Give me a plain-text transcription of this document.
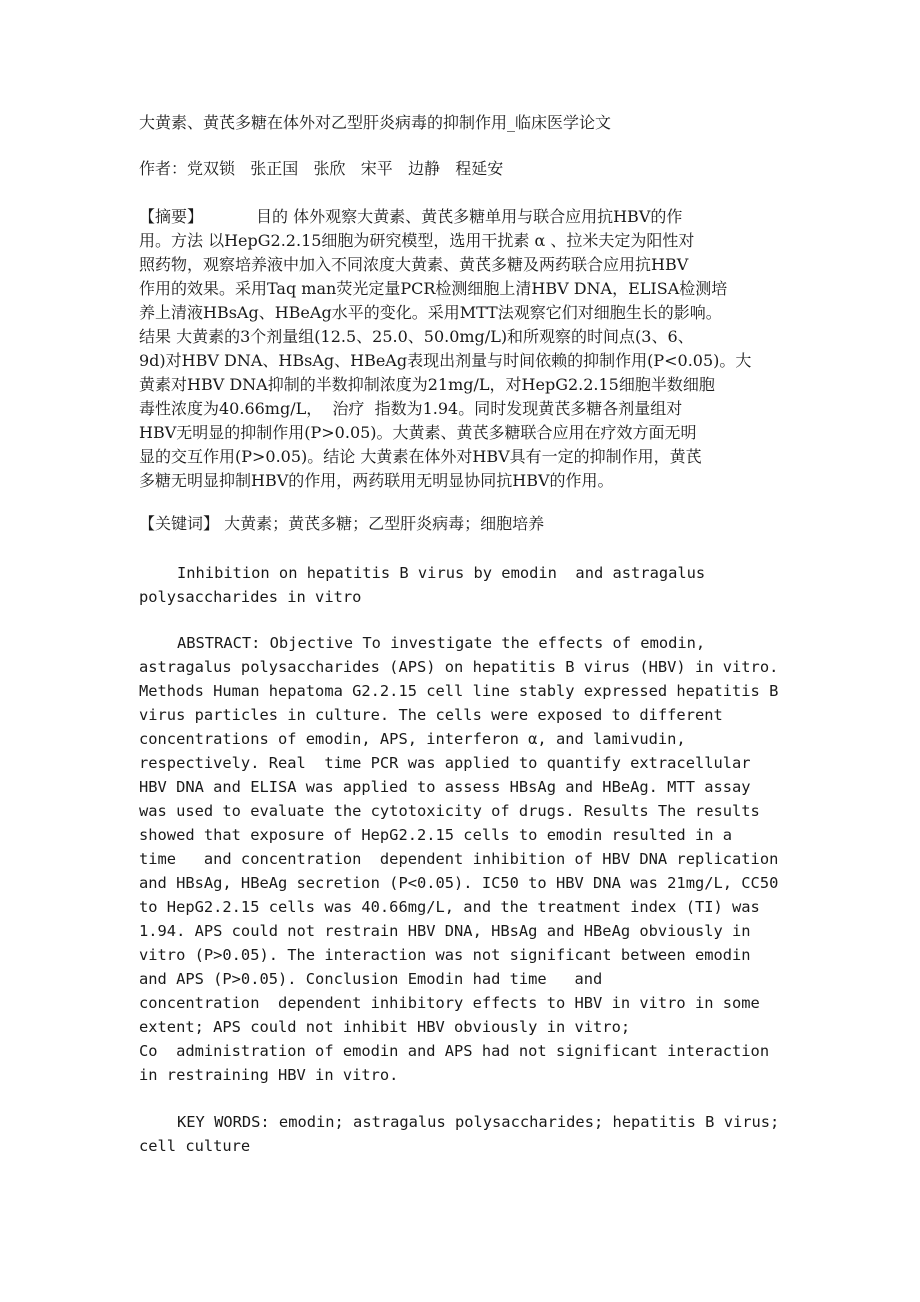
大黄素、黄芪多糖在体外对乙型肝炎病毒的抑制作用_临床医学论文

作者：党双锁   张正国   张欣   宋平   边静   程延安

【摘要】	目的 体外观察大黄素、黄芪多糖单用与联合应用抗HBV的作

用。方法 以HepG2.2.15细胞为研究模型，选用干扰素 α 、拉米夫定为阳性对

照药物，观察培养液中加入不同浓度大黄素、黄芪多糖及两药联合应用抗HBV

作用的效果。采用Taq man荧光定量PCR检测细胞上清HBV DNA，ELISA检测培

养上清液HBsAg、HBeAg水平的变化。采用MTT法观察它们对细胞生长的影响。

结果 大黄素的3个剂量组(12.5、25.0、50.0mg/L)和所观察的时间点(3、6、

9d)对HBV DNA、HBsAg、HBeAg表现出剂量与时间依赖的抑制作用(P<0.05)。大

黄素对HBV DNA抑制的半数抑制浓度为21mg/L，对HepG2.2.15细胞半数细胞

毒性浓度为40.66mg/L，  治疗  指数为1.94。同时发现黄芪多糖各剂量组对

HBV无明显的抑制作用(P>0.05)。大黄素、黄芪多糖联合应用在疗效方面无明

显的交互作用(P>0.05)。结论 大黄素在体外对HBV具有一定的抑制作用，黄芪

多糖无明显抑制HBV的作用，两药联用无明显协同抗HBV的作用。

【关键词】 大黄素；黄芪多糖；乙型肝炎病毒；细胞培养

Inhibition on hepatitis B virus by emodin  and astragalus

polysaccharides in vitro

ABSTRACT: Objective To investigate the effects of emodin,

astragalus polysaccharides (APS) on hepatitis B virus (HBV) in vitro.

Methods Human hepatoma G2.2.15 cell line stably expressed hepatitis B

virus particles in culture. The cells were exposed to different

concentrations of emodin, APS, interferon α, and lamivudin,

respectively. Real  time PCR was applied to quantify extracellular

HBV DNA and ELISA was applied to assess HBsAg and HBeAg. MTT assay

was used to evaluate the cytotoxicity of drugs. Results The results

showed that exposure of HepG2.2.15 cells to emodin resulted in a

time   and concentration  dependent inhibition of HBV DNA replication

and HBsAg, HBeAg secretion (P<0.05). IC50 to HBV DNA was 21mg/L, CC50

to HepG2.2.15 cells was 40.66mg/L, and the treatment index (TI) was

1.94. APS could not restrain HBV DNA, HBsAg and HBeAg obviously in

vitro (P>0.05). The interaction was not significant between emodin

and APS (P>0.05). Conclusion Emodin had time   and

concentration  dependent inhibitory effects to HBV in vitro in some

extent; APS could not inhibit HBV obviously in vitro;

Co  administration of emodin and APS had not significant interaction

in restraining HBV in vitro.

KEY WORDS: emodin; astragalus polysaccharides; hepatitis B virus;

cell culture
